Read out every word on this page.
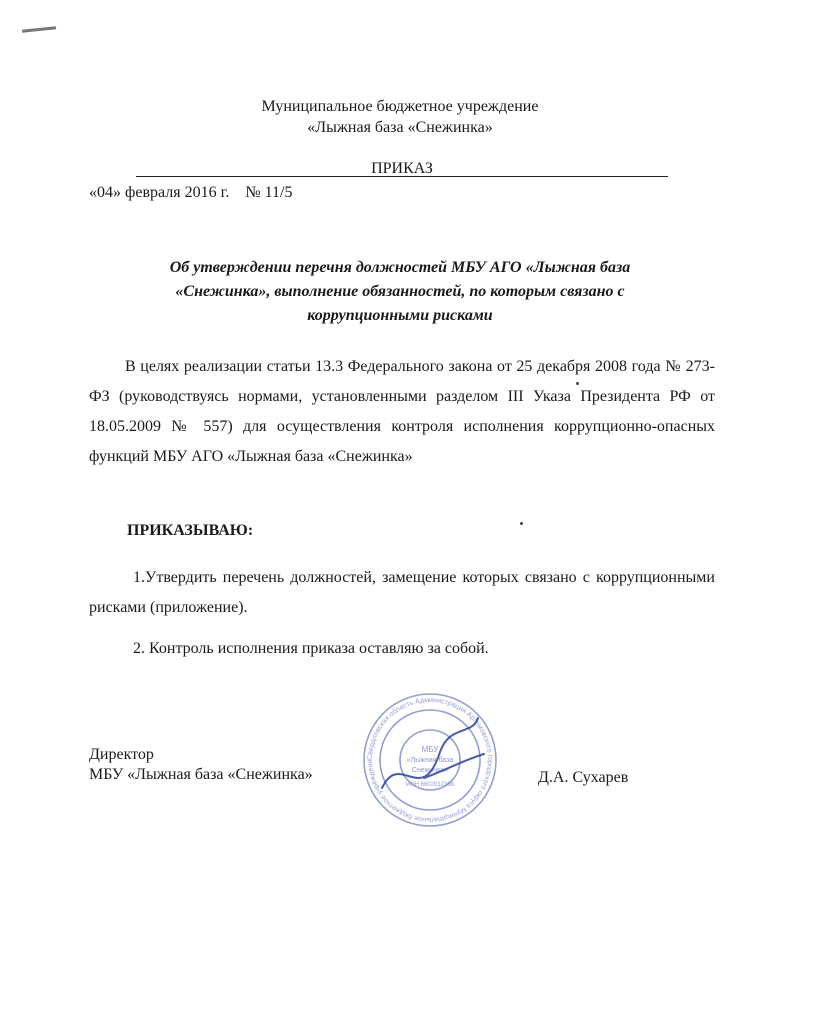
Муниципальное бюджетное учреждение
«Лыжная база «Снежинка»
ПРИКАЗ
«04» февраля 2016 г. № 11/5
Об утверждении перечня должностей МБУ АГО «Лыжная база
«Снежинка», выполнение обязанностей, по которым связано с
коррупционными рисками
В целях реализации статьи 13.3 Федерального закона от 25 декабря 2008 года № 273-ФЗ (руководствуясь нормами, установленными разделом III Указа Президента РФ от 18.05.2009 № 557) для осуществления контроля исполнения коррупционно-опасных функций МБУ АГО «Лыжная база «Снежинка»
ПРИКАЗЫВАЮ:
1.Утвердить перечень должностей, замещение которых связано с коррупционными рисками (приложение).
2. Контроль исполнения приказа оставляю за собой.
Директор
МБУ «Лыжная база «Снежинка»	Д.А. Сухарев
Свердловская область Администрация Артемовского городского округа Муниципальное бюджетное учреждени
МБУ
«Лыжная база
Снежинка»
ИНН 6602012368
